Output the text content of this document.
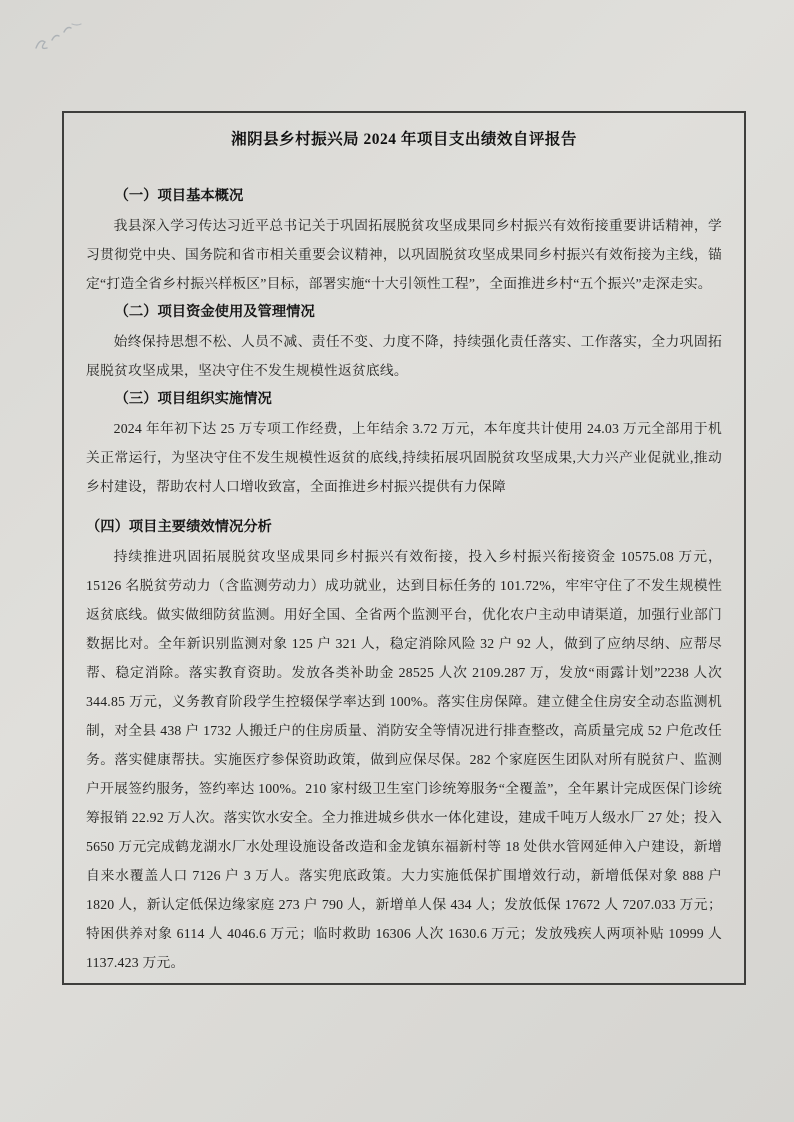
湘阴县乡村振兴局 2024 年项目支出绩效自评报告
（一）项目基本概况

我县深入学习传达习近平总书记关于巩固拓展脱贫攻坚成果同乡村振兴有效衔接重要讲话精神，学习贯彻党中央、国务院和省市相关重要会议精神，以巩固脱贫攻坚成果同乡村振兴有效衔接为主线，锚定“打造全省乡村振兴样板区”目标，部署实施“十大引领性工程”，全面推进乡村“五个振兴”走深走实。

（二）项目资金使用及管理情况

始终保持思想不松、人员不减、责任不变、力度不降，持续强化责任落实、工作落实，全力巩固拓展脱贫攻坚成果，坚决守住不发生规模性返贫底线。

（三）项目组织实施情况

2024 年年初下达 25 万专项工作经费，上年结余 3.72 万元，本年度共计使用 24.03 万元全部用于机关正常运行，为坚决守住不发生规模性返贫的底线,持续拓展巩固脱贫攻坚成果,大力兴产业促就业,推动乡村建设，帮助农村人口增收致富，全面推进乡村振兴提供有力保障

（四）项目主要绩效情况分析

持续推进巩固拓展脱贫攻坚成果同乡村振兴有效衔接，投入乡村振兴衔接资金 10575.08 万元，15126 名脱贫劳动力（含监测劳动力）成功就业，达到目标任务的 101.72%，牢牢守住了不发生规模性返贫底线。做实做细防贫监测。用好全国、全省两个监测平台，优化农户主动申请渠道，加强行业部门数据比对。全年新识别监测对象 125 户 321 人，稳定消除风险 32 户 92 人，做到了应纳尽纳、应帮尽帮、稳定消除。落实教育资助。发放各类补助金 28525 人次 2109.287 万，发放“雨露计划”2238 人次 344.85 万元，义务教育阶段学生控辍保学率达到 100%。落实住房保障。建立健全住房安全动态监测机制，对全县 438 户 1732 人搬迁户的住房质量、消防安全等情况进行排查整改，高质量完成 52 户危改任务。落实健康帮扶。实施医疗参保资助政策，做到应保尽保。282 个家庭医生团队对所有脱贫户、监测户开展签约服务，签约率达 100%。210 家村级卫生室门诊统筹服务“全覆盖”，全年累计完成医保门诊统筹报销 22.92 万人次。落实饮水安全。全力推进城乡供水一体化建设，建成千吨万人级水厂 27 处；投入 5650 万元完成鹤龙湖水厂水处理设施设备改造和金龙镇东福新村等 18 处供水管网延伸入户建设，新增自来水覆盖人口 7126 户 3 万人。落实兜底政策。大力实施低保扩围增效行动，新增低保对象 888 户 1820 人，新认定低保边缘家庭 273 户 790 人，新增单人保 434 人；发放低保 17672 人 7207.033 万元；特困供养对象 6114 人 4046.6 万元；临时救助 16306 人次 1630.6 万元；发放残疾人两项补贴 10999 人 1137.423 万元。
